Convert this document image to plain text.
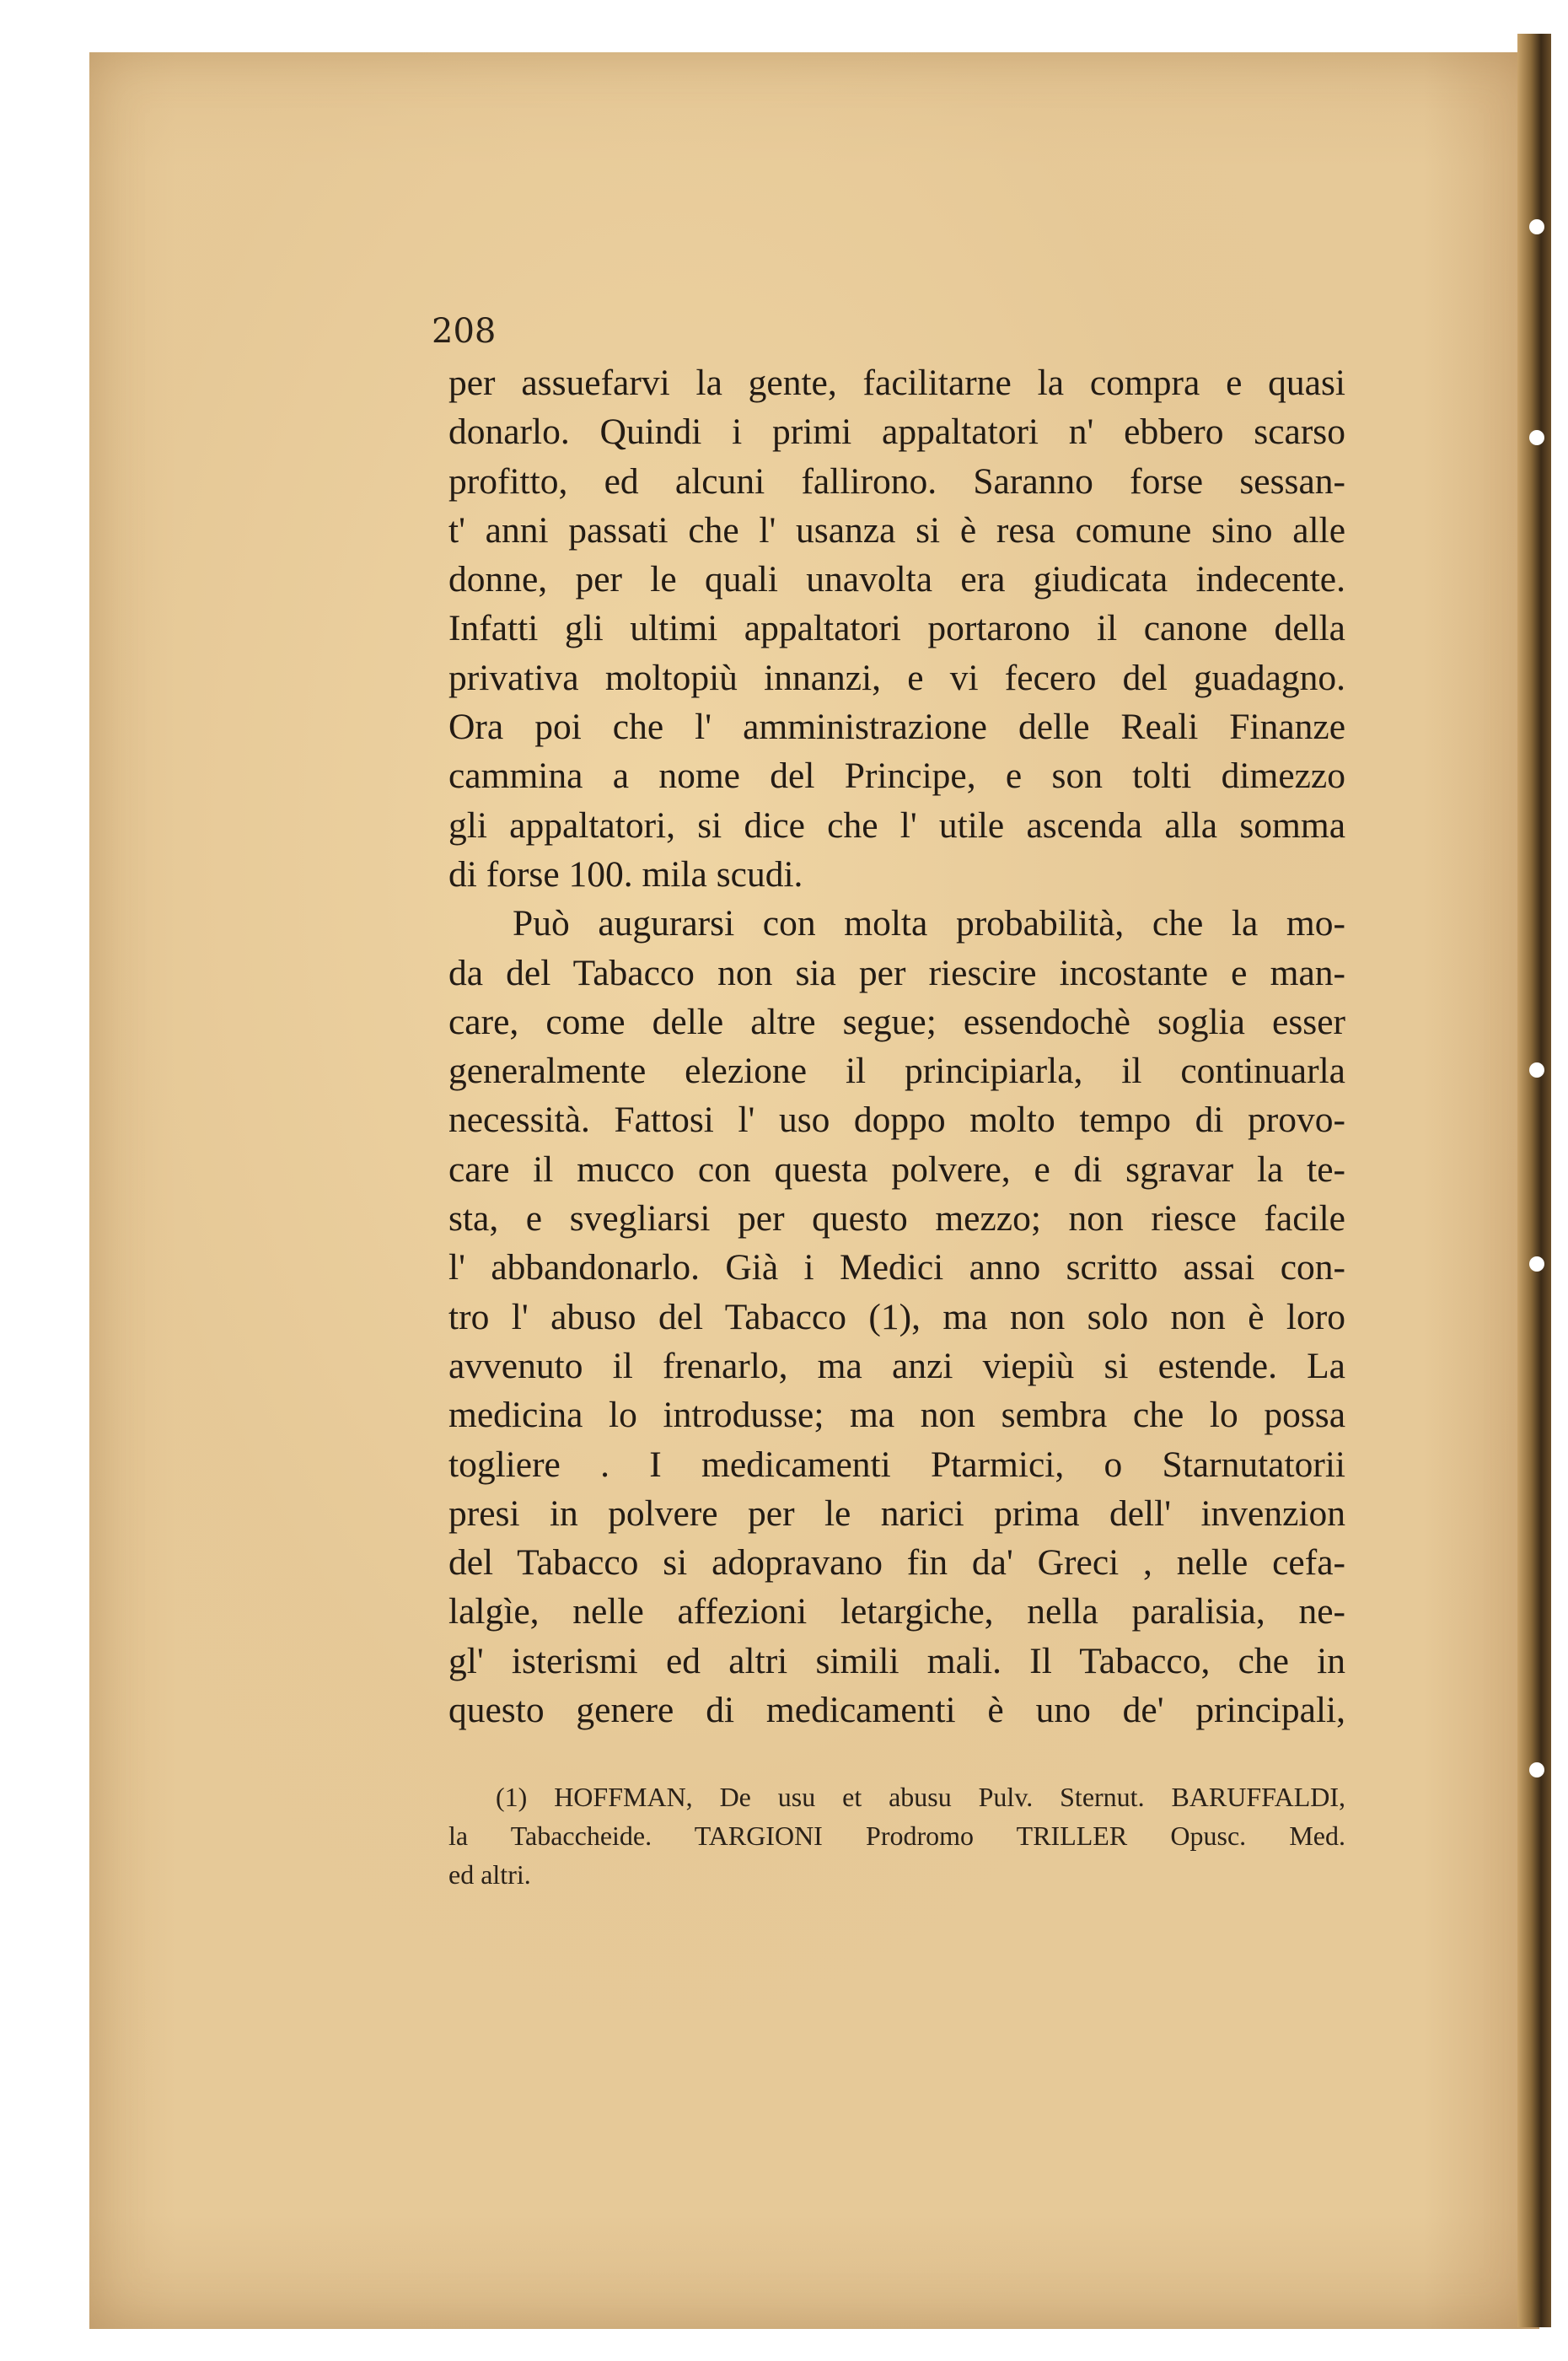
208
per assuefarvi la gente, facilitarne la compra e quasi
donarlo. Quindi i primi appaltatori n' ebbero scarso
profitto, ed alcuni fallirono. Saranno forse sessan-
t' anni passati che l' usanza si è resa comune sino alle
donne, per le quali unavolta era giudicata indecente.
Infatti gli ultimi appaltatori portarono il canone della
privativa moltopiù innanzi, e vi fecero del guadagno.
Ora poi che l' amministrazione delle Reali Finanze
cammina a nome del Principe, e son tolti dimezzo
gli appaltatori, si dice che l' utile ascenda alla somma
di forse 100. mila scudi.
Può augurarsi con molta probabilità, che la mo-
da del Tabacco non sia per riescire incostante e man-
care, come delle altre segue; essendochè soglia esser
generalmente elezione il principiarla, il continuarla
necessità. Fattosi l' uso doppo molto tempo di provo-
care il mucco con questa polvere, e di sgravar la te-
sta, e svegliarsi per questo mezzo; non riesce facile
l' abbandonarlo. Già i Medici anno scritto assai con-
tro l' abuso del Tabacco (1), ma non solo non è loro
avvenuto il frenarlo, ma anzi viepiù si estende. La
medicina lo introdusse; ma non sembra che lo possa
togliere . I medicamenti Ptarmici, o Starnutatorii
presi in polvere per le narici prima dell' invenzion
del Tabacco si adopravano fin da' Greci , nelle cefa-
lalgìe, nelle affezioni letargiche, nella paralisia, ne-
gl' isterismi ed altri simili mali. Il Tabacco, che in
questo genere di medicamenti è uno de' principali,
(1) HOFFMAN, De usu et abusu Pulv. Sternut. BARUFFALDI,
la Tabaccheide. TARGIONI Prodromo TRILLER Opusc. Med.
ed altri.
